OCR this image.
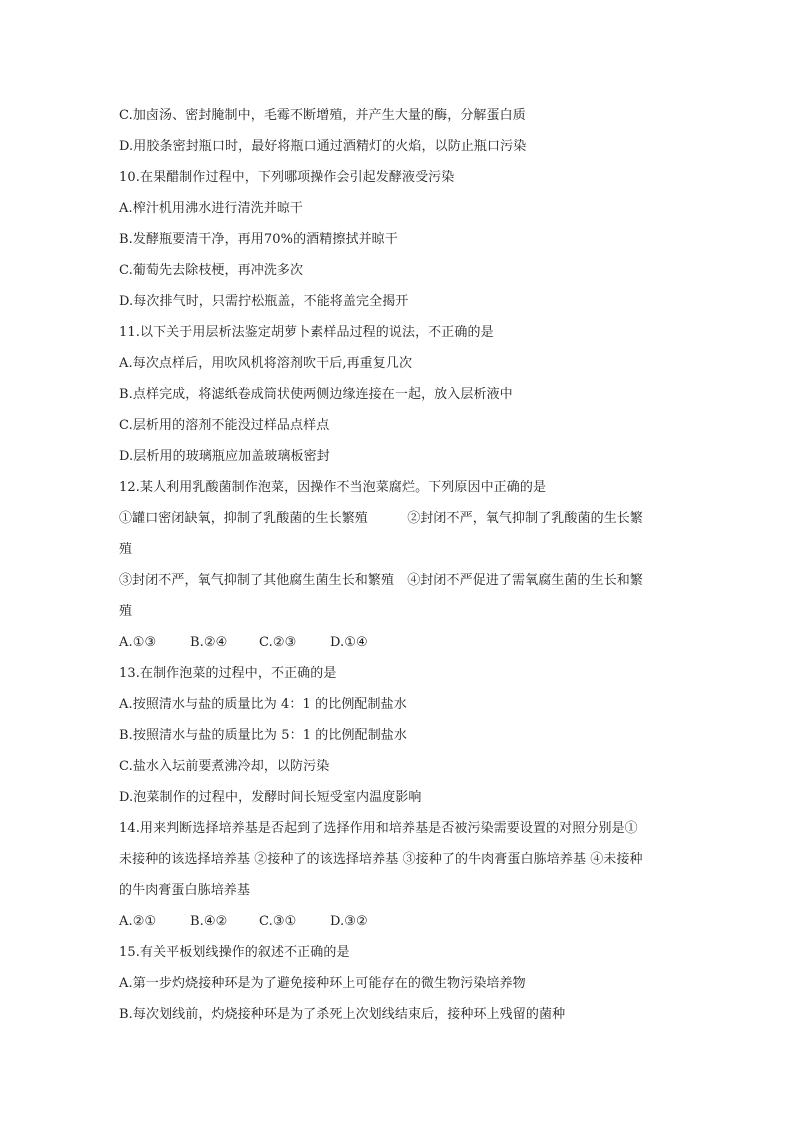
C.加卤汤、密封腌制中，毛霉不断增殖，并产生大量的酶，分解蛋白质
D.用胶条密封瓶口时，最好将瓶口通过酒精灯的火焰，以防止瓶口污染
10.在果醋制作过程中，下列哪项操作会引起发酵液受污染
A.榨汁机用沸水进行清洗并晾干
B.发酵瓶要清干净，再用70%的酒精擦拭并晾干
C.葡萄先去除枝梗，再冲洗多次
D.每次排气时，只需拧松瓶盖，不能将盖完全揭开
11.以下关于用层析法鉴定胡萝卜素样品过程的说法，不正确的是
A.每次点样后，用吹风机将溶剂吹干后,再重复几次
B.点样完成，将滤纸卷成筒状使两侧边缘连接在一起，放入层析液中
C.层析用的溶剂不能没过样品点样点
D.层析用的玻璃瓶应加盖玻璃板密封
12.某人利用乳酸菌制作泡菜，因操作不当泡菜腐烂。下列原因中正确的是
①罐口密闭缺氧，抑制了乳酸菌的生长繁殖　　　②封闭不严，氧气抑制了乳酸菌的生长繁
殖
③封闭不严，氧气抑制了其他腐生菌生长和繁殖　④封闭不严促进了需氧腐生菌的生长和繁
殖
A.①③	B.②④ C.②③	D.①④
13.在制作泡菜的过程中，不正确的是
A.按照清水与盐的质量比为 4：1 的比例配制盐水
B.按照清水与盐的质量比为 5：1 的比例配制盐水
C.盐水入坛前要煮沸冷却，以防污染
D.泡菜制作的过程中，发酵时间长短受室内温度影响
14.用来判断选择培养基是否起到了选择作用和培养基是否被污染需要设置的对照分别是①
未接种的该选择培养基 ②接种了的该选择培养基 ③接种了的牛肉膏蛋白胨培养基 ④未接种
的牛肉膏蛋白胨培养基
A.②①	B.④② C.③①	D.③②
15.有关平板划线操作的叙述不正确的是
A.第一步灼烧接种环是为了避免接种环上可能存在的微生物污染培养物
B.每次划线前，灼烧接种环是为了杀死上次划线结束后，接种环上残留的菌种
